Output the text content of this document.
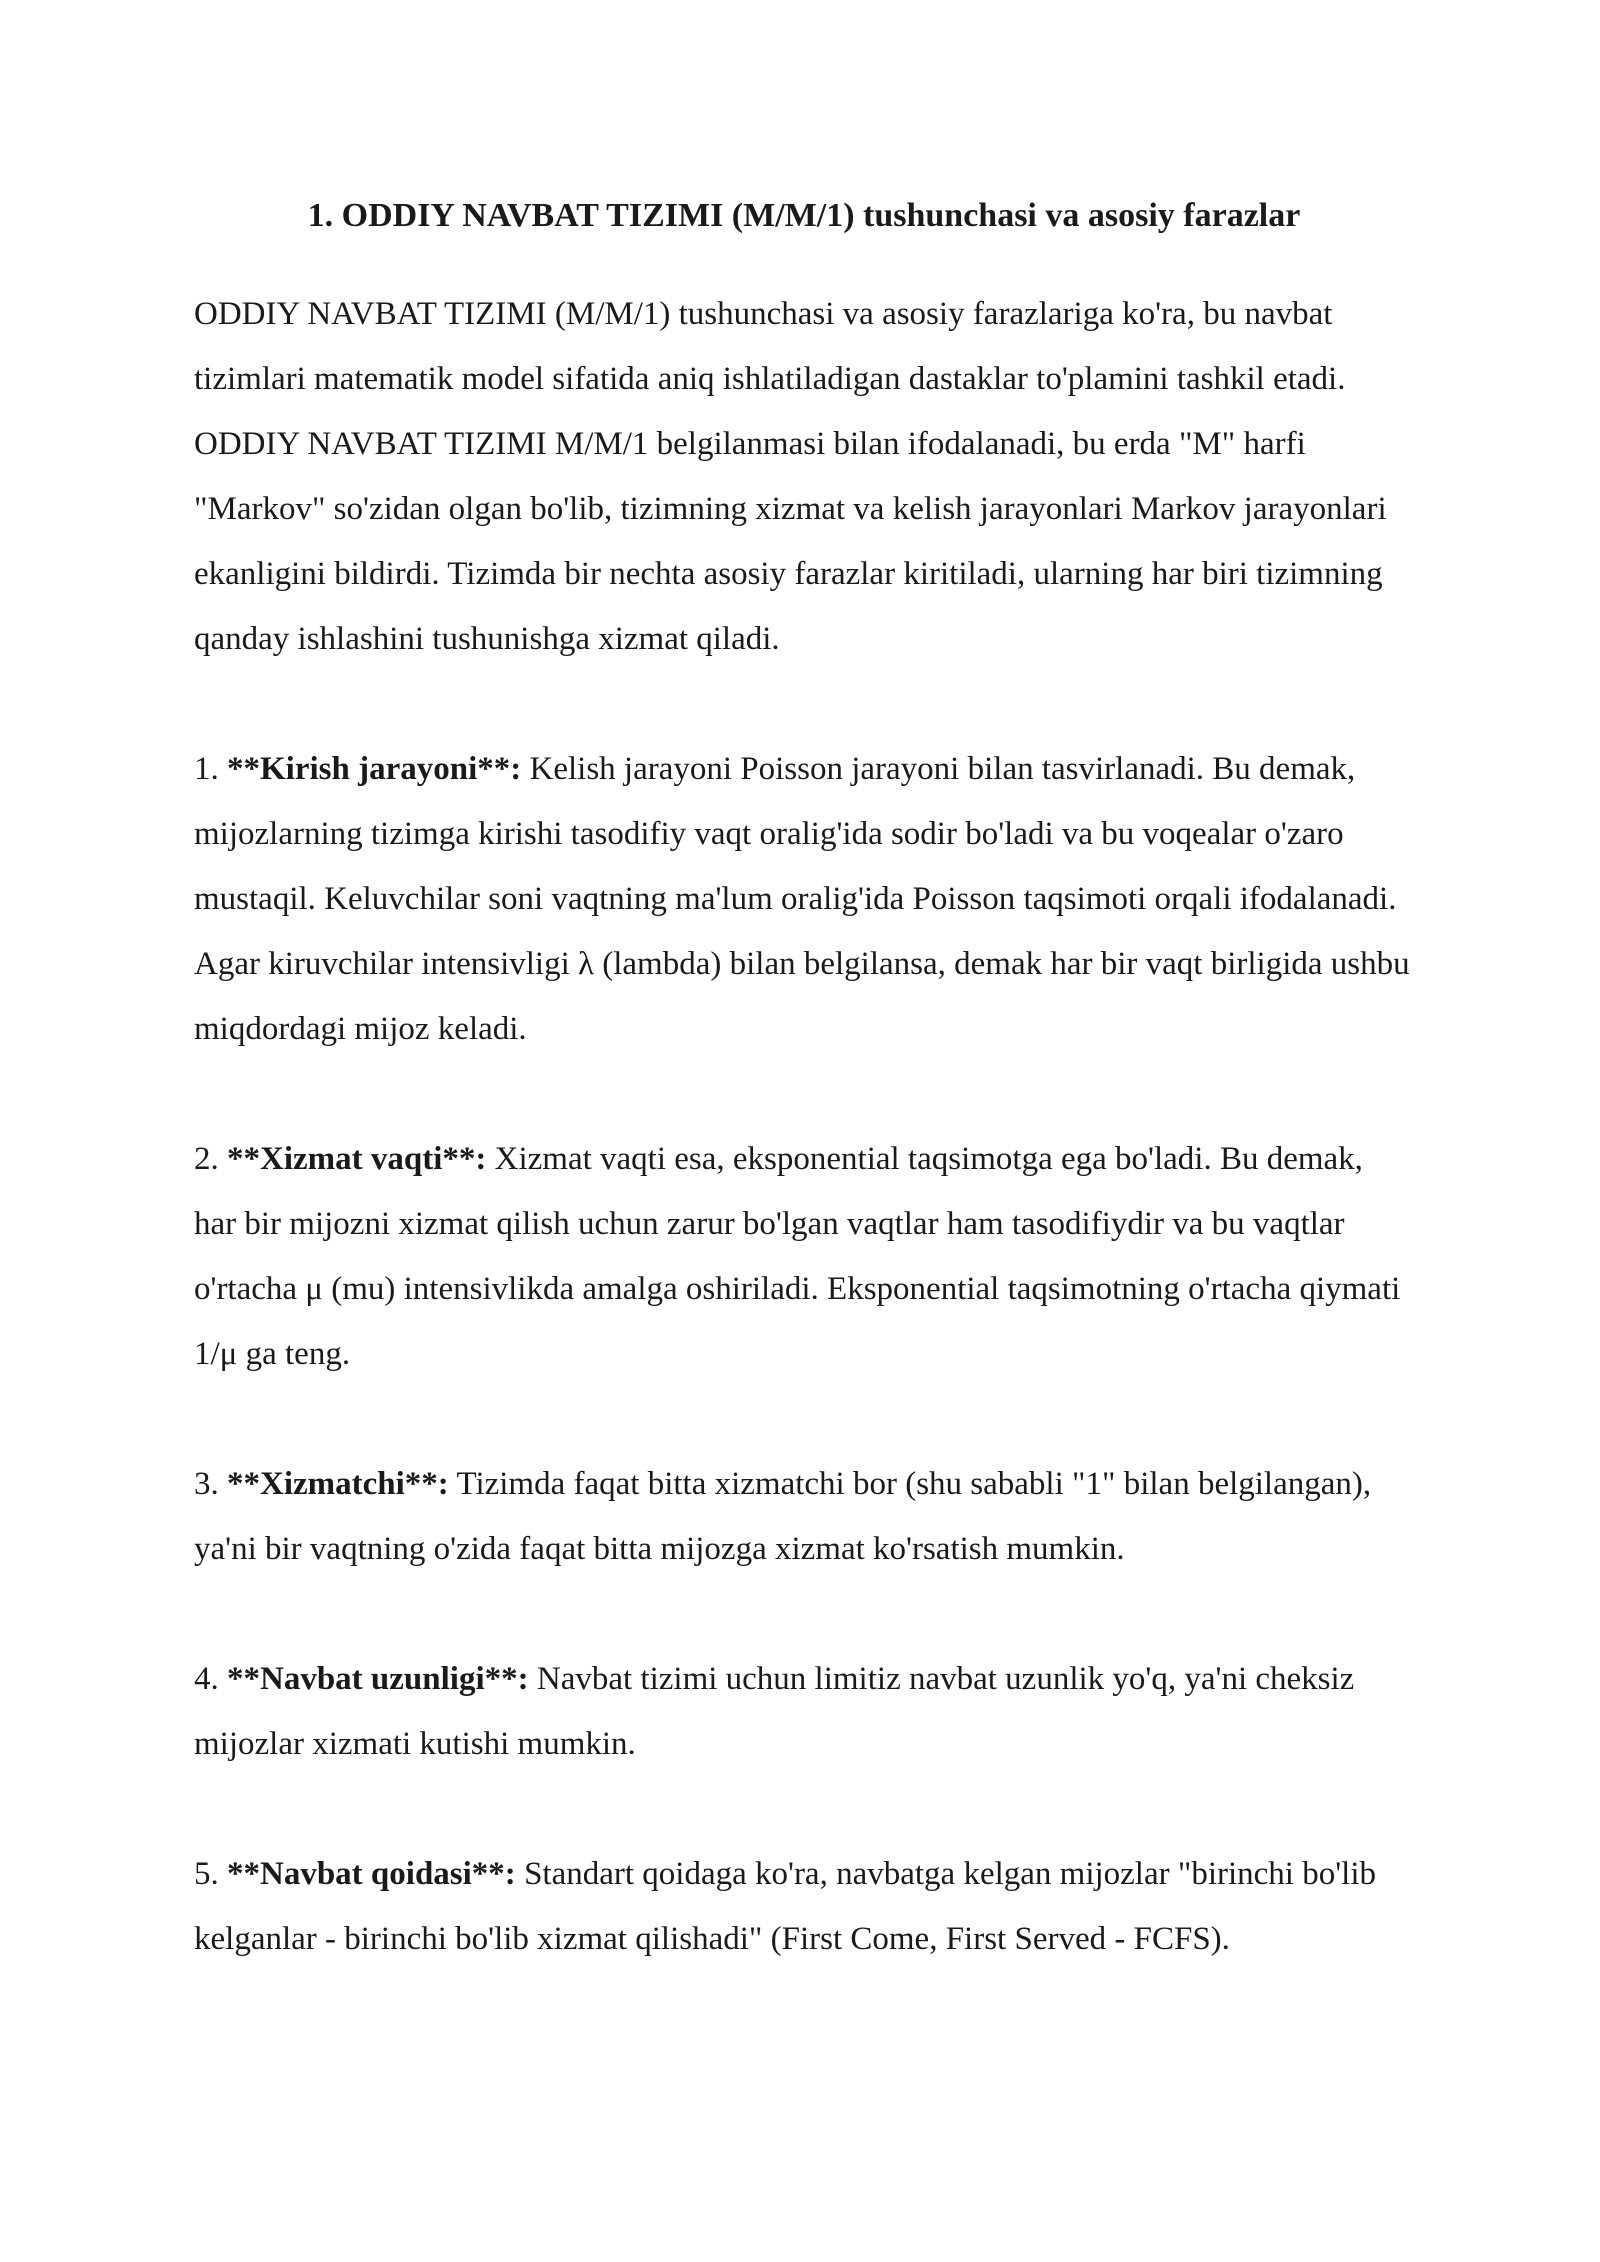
1. ODDIY NAVBAT TIZIMI (M/M/1) tushunchasi va asosiy farazlar

ODDIY NAVBAT TIZIMI (M/M/1) tushunchasi va asosiy farazlariga ko'ra, bu navbat tizimlari matematik model sifatida aniq ishlatiladigan dastaklar to'plamini tashkil etadi. ODDIY NAVBAT TIZIMI M/M/1 belgilanmasi bilan ifodalanadi, bu erda "M" harfi "Markov" so'zidan olgan bo'lib, tizimning xizmat va kelish jarayonlari Markov jarayonlari ekanligini bildirdi. Tizimda bir nechta asosiy farazlar kiritiladi, ularning har biri tizimning qanday ishlashini tushunishga xizmat qiladi.

1. **Kirish jarayoni**: Kelish jarayoni Poisson jarayoni bilan tasvirlanadi. Bu demak, mijozlarning tizimga kirishi tasodifiy vaqt oralig'ida sodir bo'ladi va bu voqealar o'zaro mustaqil. Keluvchilar soni vaqtning ma'lum oralig'ida Poisson taqsimoti orqali ifodalanadi. Agar kiruvchilar intensivligi λ (lambda) bilan belgilansa, demak har bir vaqt birligida ushbu miqdordagi mijoz keladi.

2. **Xizmat vaqti**: Xizmat vaqti esa, eksponential taqsimotga ega bo'ladi. Bu demak, har bir mijozni xizmat qilish uchun zarur bo'lgan vaqtlar ham tasodifiydir va bu vaqtlar o'rtacha μ (mu) intensivlikda amalga oshiriladi. Eksponential taqsimotning o'rtacha qiymati 1/μ ga teng.

3. **Xizmatchi**: Tizimda faqat bitta xizmatchi bor (shu sababli "1" bilan belgilangan), ya'ni bir vaqtning o'zida faqat bitta mijozga xizmat ko'rsatish mumkin.

4. **Navbat uzunligi**: Navbat tizimi uchun limitiz navbat uzunlik yo'q, ya'ni cheksiz mijozlar xizmati kutishi mumkin.

5. **Navbat qoidasi**: Standart qoidaga ko'ra, navbatga kelgan mijozlar "birinchi bo'lib kelganlar - birinchi bo'lib xizmat qilishadi" (First Come, First Served - FCFS).
